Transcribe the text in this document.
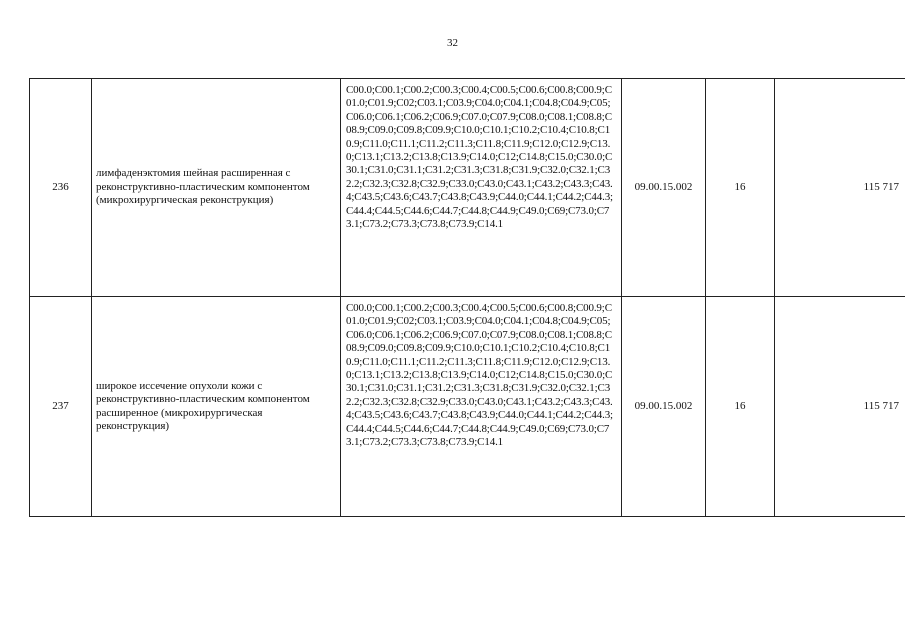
32
236	лимфаденэктомия шейная расширенная с реконструктивно-пластическим компонентом (микрохирургическая реконструкция)	C00.0;C00.1;C00.2;C00.3;C00.4;C00.5;C00.6;C00.8;C00.9;C01.0;C01.9;C02;C03.1;C03.9;C04.0;C04.1;C04.8;C04.9;C05;C06.0;C06.1;C06.2;C06.9;C07.0;C07.9;C08.0;C08.1;C08.8;C08.9;C09.0;C09.8;C09.9;C10.0;C10.1;C10.2;C10.4;C10.8;C10.9;C11.0;C11.1;C11.2;C11.3;C11.8;C11.9;C12.0;C12.9;C13.0;C13.1;C13.2;C13.8;C13.9;C14.0;C12;C14.8;C15.0;C30.0;C30.1;C31.0;C31.1;C31.2;C31.3;C31.8;C31.9;C32.0;C32.1;C32.2;C32.3;C32.8;C32.9;C33.0;C43.0;C43.1;C43.2;C43.3;C43.4;C43.5;C43.6;C43.7;C43.8;C43.9;C44.0;C44.1;C44.2;C44.3;C44.4;C44.5;C44.6;C44.7;C44.8;C44.9;C49.0;C69;C73.0;C73.1;C73.2;C73.3;C73.8;C73.9;C14.1	09.00.15.002	16	115 717
237	широкое иссечение опухоли кожи с реконструктивно-пластическим компонентом расширенное (микрохирургическая реконструкция)	C00.0;C00.1;C00.2;C00.3;C00.4;C00.5;C00.6;C00.8;C00.9;C01.0;C01.9;C02;C03.1;C03.9;C04.0;C04.1;C04.8;C04.9;C05;C06.0;C06.1;C06.2;C06.9;C07.0;C07.9;C08.0;C08.1;C08.8;C08.9;C09.0;C09.8;C09.9;C10.0;C10.1;C10.2;C10.4;C10.8;C10.9;C11.0;C11.1;C11.2;C11.3;C11.8;C11.9;C12.0;C12.9;C13.0;C13.1;C13.2;C13.8;C13.9;C14.0;C12;C14.8;C15.0;C30.0;C30.1;C31.0;C31.1;C31.2;C31.3;C31.8;C31.9;C32.0;C32.1;C32.2;C32.3;C32.8;C32.9;C33.0;C43.0;C43.1;C43.2;C43.3;C43.4;C43.5;C43.6;C43.7;C43.8;C43.9;C44.0;C44.1;C44.2;C44.3;C44.4;C44.5;C44.6;C44.7;C44.8;C44.9;C49.0;C69;C73.0;C73.1;C73.2;C73.3;C73.8;C73.9;C14.1	09.00.15.002	16	115 717
